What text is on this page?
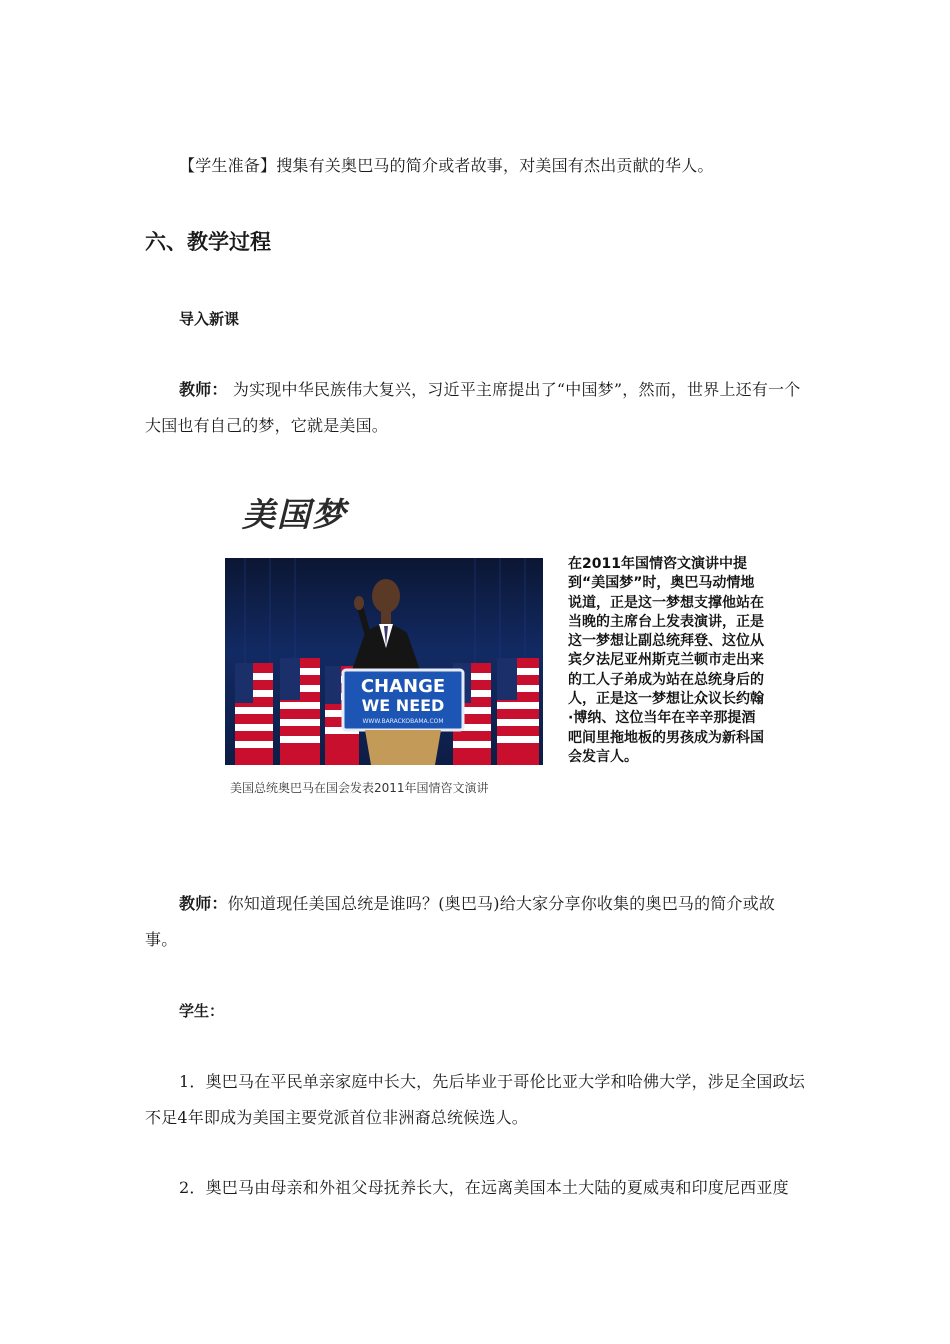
【学生准备】搜集有关奥巴马的简介或者故事，对美国有杰出贡献的华人。

六、教学过程
导入新课

教师： 为实现中华民族伟大复兴，习近平主席提出了“中国梦”，然而，世界上还有一个大国也有自己的梦，它就是美国。

美国梦

CHANGE
WE NEED
WWW.BARACKOBAMA.COM

美国总统奥巴马在国会发表2011年国情咨文演讲

在2011年国情咨文演讲中提到“美国梦”时，奥巴马动情地说道，正是这一梦想支撑他站在当晚的主席台上发表演讲，正是这一梦想让副总统拜登、这位从宾夕法尼亚州斯克兰顿市走出来的工人子弟成为站在总统身后的人，正是这一梦想让众议长约翰·博纳、这位当年在辛辛那提酒吧间里拖地板的男孩成为新科国会发言人。

教师：你知道现任美国总统是谁吗？(奥巴马)给大家分享你收集的奥巴马的简介或故事。

学生：

1．奥巴马在平民单亲家庭中长大，先后毕业于哥伦比亚大学和哈佛大学，涉足全国政坛不足4年即成为美国主要党派首位非洲裔总统候选人。

2．奥巴马由母亲和外祖父母抚养长大，在远离美国本土大陆的夏威夷和印度尼西亚度
